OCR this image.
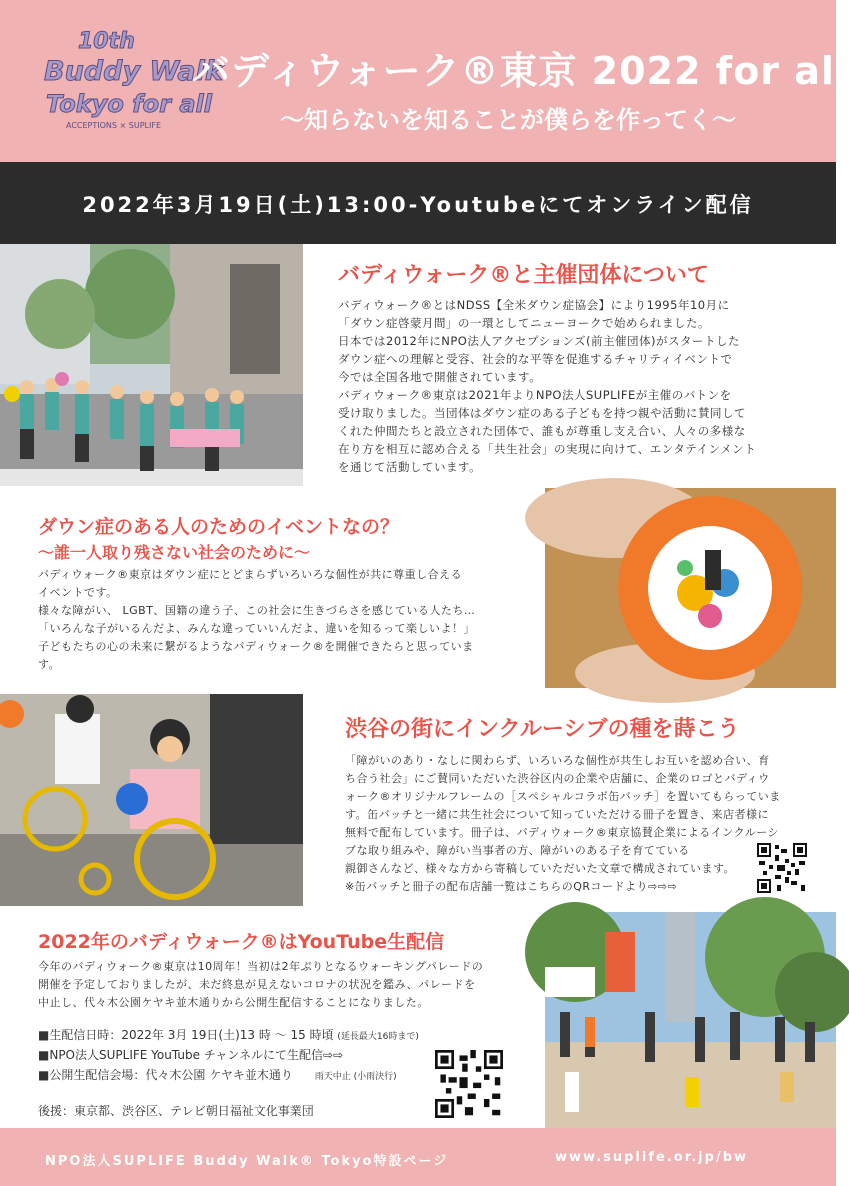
10th
Buddy Walk
Tokyo for all
ACCEPTIONS × SUPLIFE
バディウォーク®東京 2022 for all
〜知らないを知ることが僕らを作ってく〜
2022年3月19日(土)13:00-Youtubeにてオンライン配信
バディウォーク®と主催団体について
バディウォーク®とはNDSS【全米ダウン症協会】により1995年10月に
「ダウン症啓蒙月間」の一環としてニューヨークで始められました。
日本では2012年にNPO法人アクセプションズ(前主催団体)がスタートした
ダウン症への理解と受容、社会的な平等を促進するチャリティイベントで
今では全国各地で開催されています。
バディウォーク®東京は2021年よりNPO法人SUPLIFEが主催のバトンを
受け取りました。当団体はダウン症のある子どもを持つ親や活動に賛同して
くれた仲間たちと設立された団体で、誰もが尊重し支え合い、人々の多様な
在り方を相互に認め合える「共生社会」の実現に向けて、エンタテインメント
を通じて活動しています。
ダウン症のある人のためのイベントなの？
〜誰一人取り残さない社会のために〜
バディウォーク®東京はダウン症にとどまらずいろいろな個性が共に尊重し合える
イベントです。
様々な障がい、 LGBT、国籍の違う子、この社会に生きづらさを感じている人たち…
「いろんな子がいるんだよ、みんな違っていいんだよ、違いを知るって楽しいよ！」
子どもたちの心の未来に繋がるようなバディウォーク®を開催できたらと思っていま
す。
渋谷の街にインクルーシブの種を蒔こう
「障がいのあり・なしに関わらず、いろいろな個性が共生しお互いを認め合い、育
ち合う社会」にご賛同いただいた渋谷区内の企業や店舗に、企業のロゴとバディウ
ォーク®オリジナルフレームの［スペシャルコラボ缶バッチ］を置いてもらっていま
す。缶バッチと一緒に共生社会について知っていただける冊子を置き、来店者様に
無料で配布しています。冊子は、バディウォーク®東京協賛企業によるインクルーシ
ブな取り組みや、障がい当事者の方、障がいのある子を育てている
親御さんなど、様々な方から寄稿していただいた文章で構成されています。
※缶バッチと冊子の配布店舗一覧はこちらのQRコードより⇨⇨⇨
2022年のバディウォーク®はYouTube生配信
今年のバディウォーク®東京は10周年！当初は2年ぶりとなるウォーキングパレードの
開催を予定しておりましたが、未だ終息が見えないコロナの状況を鑑み、パレードを
中止し、代々木公園ケヤキ並木通りから公開生配信することになりました。
■生配信日時：2022年 3月 19日(土)13 時 〜 15 時頃 (延長最大16時まで)
■NPO法人SUPLIFE YouTube チャンネルにて生配信⇨⇨
■公開生配信会場：代々木公園 ケヤキ並木通り 雨天中止 (小雨決行)
後援：東京都、渋谷区、テレビ朝日福祉文化事業団
NPO法人SUPLIFE Buddy Walk® Tokyo特設ページ	www.suplife.or.jp/bw
